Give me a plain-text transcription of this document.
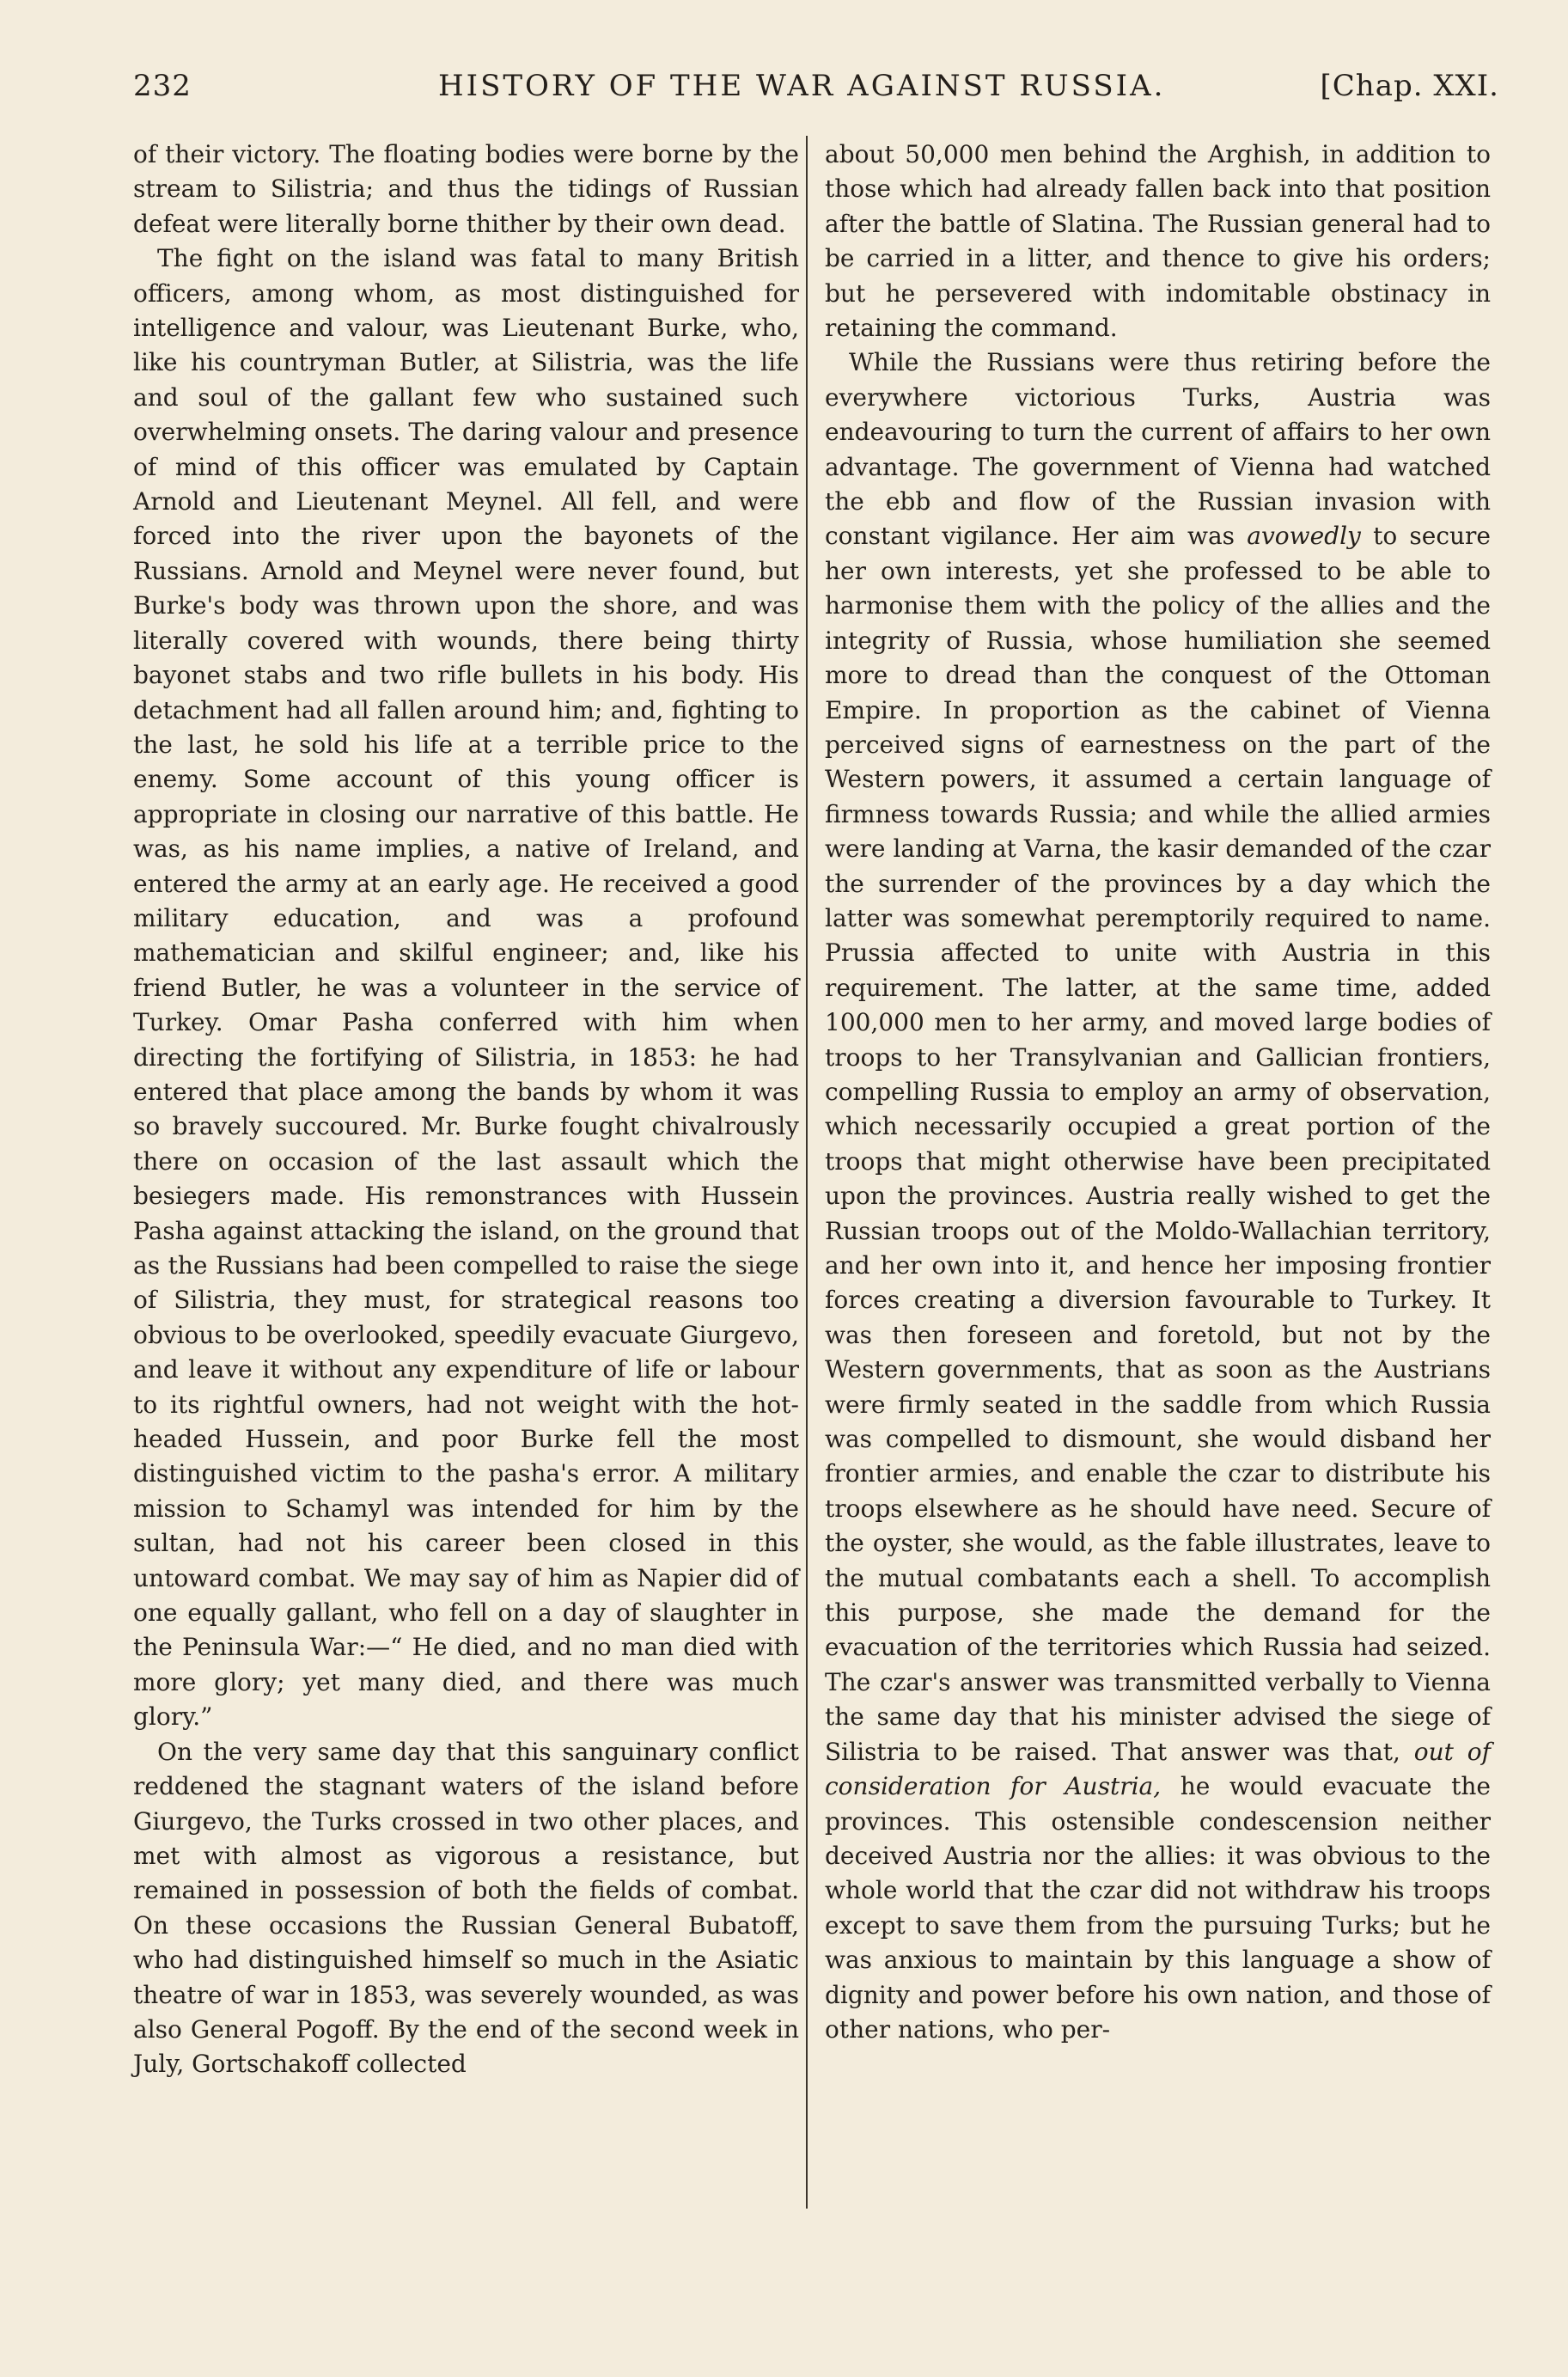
232	HISTORY OF THE WAR AGAINST RUSSIA.	[Chap. XXI.

of their victory. The floating bodies were borne by the stream to Silistria; and thus the tidings of Russian defeat were literally borne thither by their own dead.

The fight on the island was fatal to many British officers, among whom, as most distinguished for intelligence and valour, was Lieutenant Burke, who, like his countryman Butler, at Silistria, was the life and soul of the gallant few who sustained such overwhelming onsets. The daring valour and presence of mind of this officer was emulated by Captain Arnold and Lieutenant Meynel. All fell, and were forced into the river upon the bayonets of the Russians. Arnold and Meynel were never found, but Burke's body was thrown upon the shore, and was literally covered with wounds, there being thirty bayonet stabs and two rifle bullets in his body. His detachment had all fallen around him; and, fighting to the last, he sold his life at a terrible price to the enemy. Some account of this young officer is appropriate in closing our narrative of this battle. He was, as his name implies, a native of Ireland, and entered the army at an early age. He received a good military education, and was a profound mathematician and skilful engineer; and, like his friend Butler, he was a volunteer in the service of Turkey. Omar Pasha conferred with him when directing the fortifying of Silistria, in 1853: he had entered that place among the bands by whom it was so bravely succoured. Mr. Burke fought chivalrously there on occasion of the last assault which the besiegers made. His remonstrances with Hussein Pasha against attacking the island, on the ground that as the Russians had been compelled to raise the siege of Silistria, they must, for strategical reasons too obvious to be overlooked, speedily evacuate Giurgevo, and leave it without any expenditure of life or labour to its rightful owners, had not weight with the hot-headed Hussein, and poor Burke fell the most distinguished victim to the pasha's error. A military mission to Schamyl was intended for him by the sultan, had not his career been closed in this untoward combat. We may say of him as Napier did of one equally gallant, who fell on a day of slaughter in the Peninsula War:—“ He died, and no man died with more glory; yet many died, and there was much glory.”

On the very same day that this sanguinary conflict reddened the stagnant waters of the island before Giurgevo, the Turks crossed in two other places, and met with almost as vigorous a resistance, but remained in possession of both the fields of combat. On these occasions the Russian General Bubatoff, who had distinguished himself so much in the Asiatic theatre of war in 1853, was severely wounded, as was also General Pogoff. By the end of the second week in July, Gortschakoff collected

about 50,000 men behind the Arghish, in addition to those which had already fallen back into that position after the battle of Slatina. The Russian general had to be carried in a litter, and thence to give his orders; but he persevered with indomitable obstinacy in retaining the command.

While the Russians were thus retiring before the everywhere victorious Turks, Austria was endeavouring to turn the current of affairs to her own advantage. The government of Vienna had watched the ebb and flow of the Russian invasion with constant vigilance. Her aim was avowedly to secure her own interests, yet she professed to be able to harmonise them with the policy of the allies and the integrity of Russia, whose humiliation she seemed more to dread than the conquest of the Ottoman Empire. In proportion as the cabinet of Vienna perceived signs of earnestness on the part of the Western powers, it assumed a certain language of firmness towards Russia; and while the allied armies were landing at Varna, the kasir demanded of the czar the surrender of the provinces by a day which the latter was somewhat peremptorily required to name. Prussia affected to unite with Austria in this requirement. The latter, at the same time, added 100,000 men to her army, and moved large bodies of troops to her Transylvanian and Gallician frontiers, compelling Russia to employ an army of observation, which necessarily occupied a great portion of the troops that might otherwise have been precipitated upon the provinces. Austria really wished to get the Russian troops out of the Moldo-Wallachian territory, and her own into it, and hence her imposing frontier forces creating a diversion favourable to Turkey. It was then foreseen and foretold, but not by the Western governments, that as soon as the Austrians were firmly seated in the saddle from which Russia was compelled to dismount, she would disband her frontier armies, and enable the czar to distribute his troops elsewhere as he should have need. Secure of the oyster, she would, as the fable illustrates, leave to the mutual combatants each a shell. To accomplish this purpose, she made the demand for the evacuation of the territories which Russia had seized. The czar's answer was transmitted verbally to Vienna the same day that his minister advised the siege of Silistria to be raised. That answer was that, out of consideration for Austria, he would evacuate the provinces. This ostensible condescension neither deceived Austria nor the allies: it was obvious to the whole world that the czar did not withdraw his troops except to save them from the pursuing Turks; but he was anxious to maintain by this language a show of dignity and power before his own nation, and those of other nations, who per-
